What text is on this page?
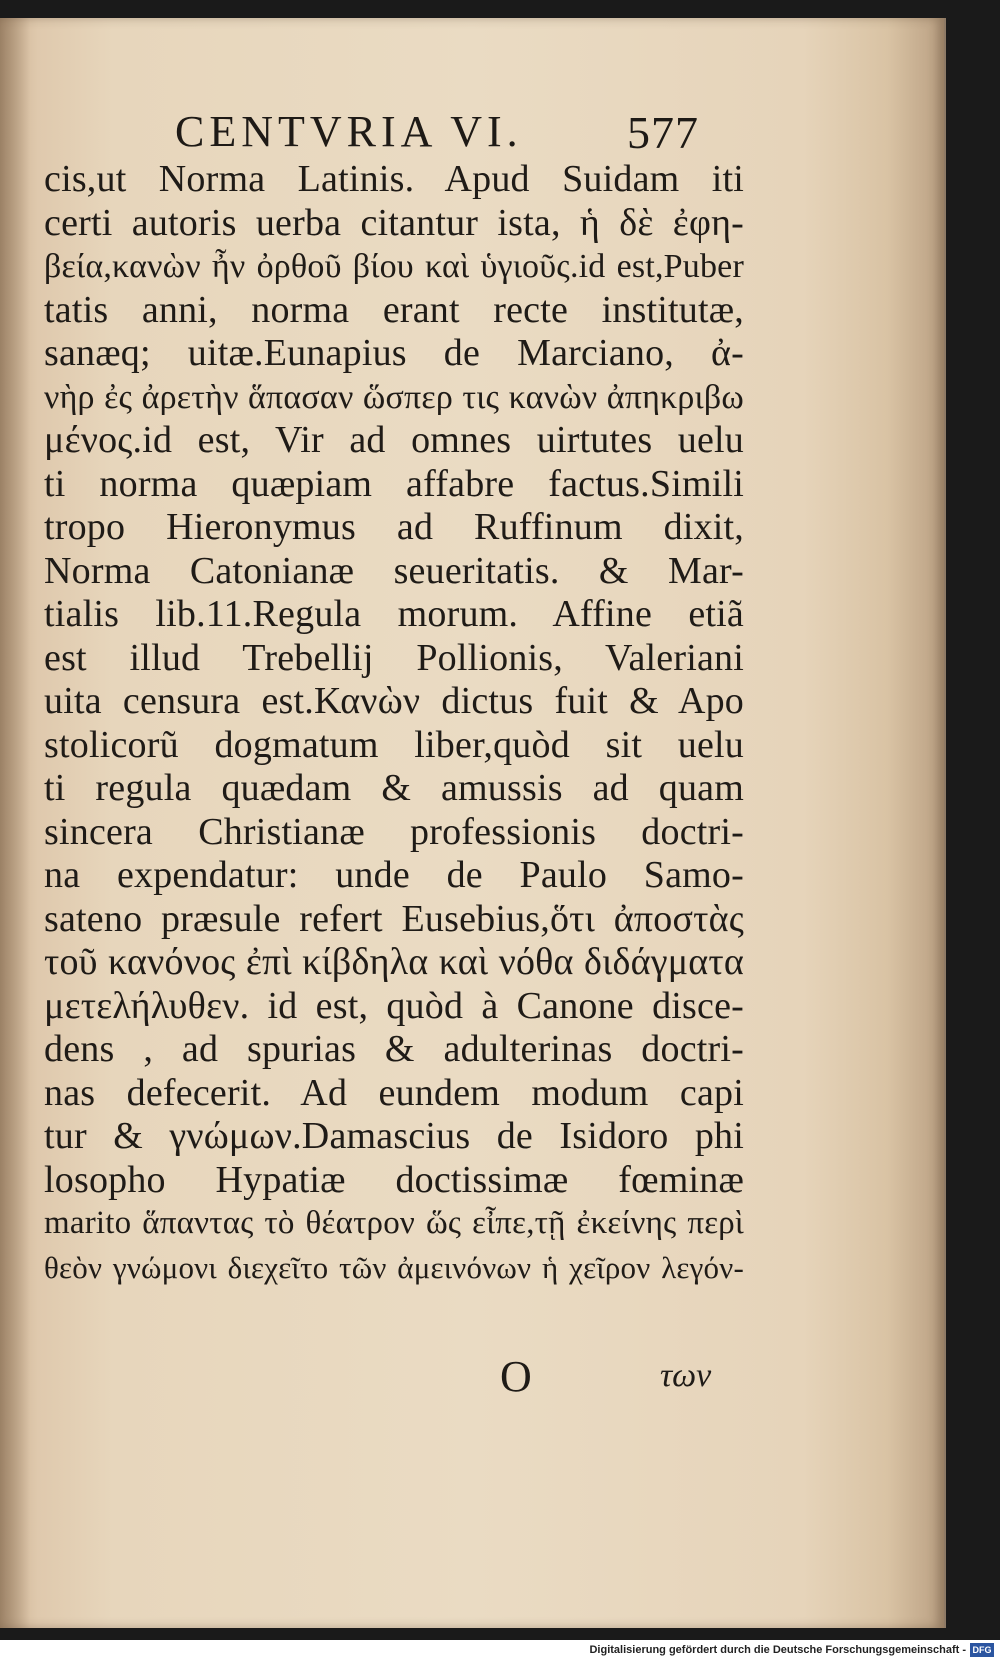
CENTVRIA VI. 577
cis,ut Norma Latinis. Apud Suidam iti
certi autoris uerba citantur ista, ἡ δὲ ἐφη-
βεία,κανὼν ἦν ὀρθοῦ βίου καὶ ὑγιοῦς.id est,Puber
tatis anni, norma erant recte institutæ,
sanæq; uitæ.Eunapius de Marciano, ἀ-
νὴρ ἐς ἀρετὴν ἅπασαν ὥσπερ τις κανὼν ἀπηκριβω
μένος.id est, Vir ad omnes uirtutes uelu
ti norma quæpiam affabre factus.Simili
tropo Hieronymus ad Ruffinum dixit,
Norma Catonianæ seueritatis. & Mar-
tialis lib.11.Regula morum. Affine etiã
est illud Trebellij Pollionis, Valeriani
uita censura est.Κανὼν dictus fuit & Apo
stolicorũ dogmatum liber,quòd sit uelu
ti regula quædam & amussis ad quam
sincera Christianæ professionis doctri-
na expendatur: unde de Paulo Samo-
sateno præsule refert Eusebius,ὅτι ἀποστὰς
τοῦ κανόνος ἐπὶ κίβδηλα καὶ νόθα διδάγματα
μετελήλυθεν. id est, quòd à Canone disce-
dens , ad spurias & adulterinas doctri-
nas defecerit. Ad eundem modum capi
tur & γνώμων.Damascius de Isidoro phi
losopho Hypatiæ doctissimæ fœminæ
marito ἅπαντας τὸ θέατρον ὥς εἶπε,τῇ ἐκείνης περὶ
θεὸν γνώμονι διεχεῖτο τῶν ἀμεινόνων ἡ χεῖρον λεγόν-
O	των
Digitalisierung gefördert durch die Deutsche Forschungsgemeinschaft - DFG
